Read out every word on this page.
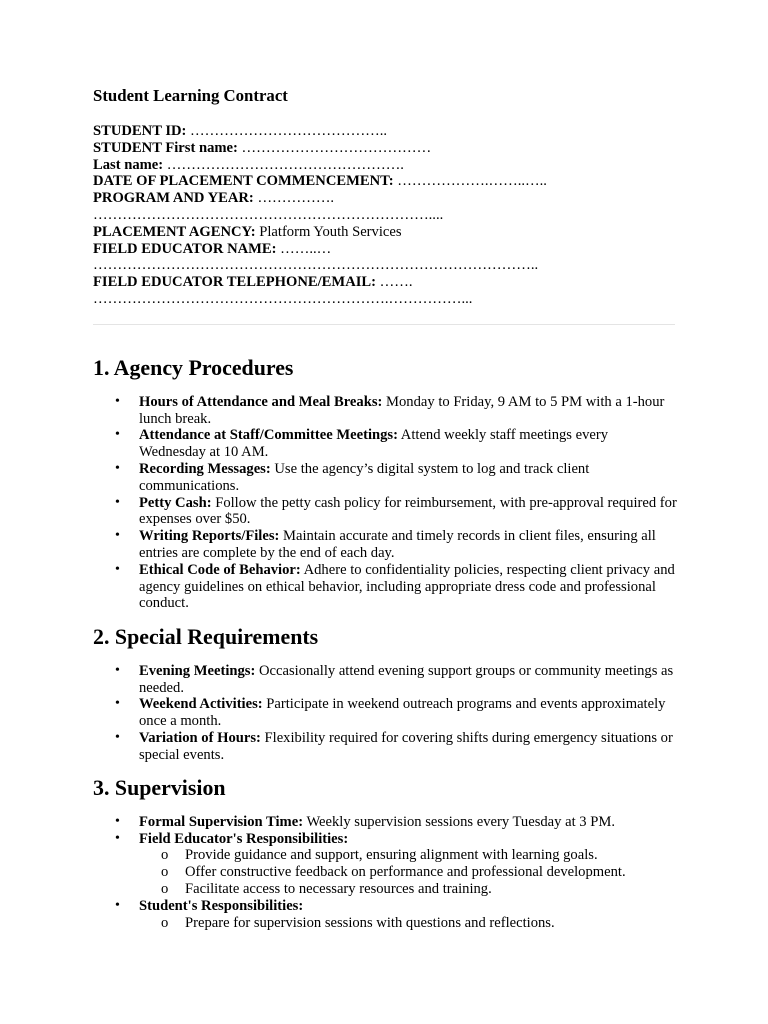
Student Learning Contract
STUDENT ID: …………………………………..
STUDENT First name: …………………………………
Last name: ………………………………………….
DATE OF PLACEMENT COMMENCEMENT: ……………….……..…..
PROGRAM AND YEAR: …………….
……………………………………………………………....
PLACEMENT AGENCY: Platform Youth Services
FIELD EDUCATOR NAME: ……..…
………………………………………………………………………………..
FIELD EDUCATOR TELEPHONE/EMAIL: …….
…………………………………………………….……………...
1. Agency Procedures
• Hours of Attendance and Meal Breaks: Monday to Friday, 9 AM to 5 PM with a 1-hour lunch break.
• Attendance at Staff/Committee Meetings: Attend weekly staff meetings every Wednesday at 10 AM.
• Recording Messages: Use the agency’s digital system to log and track client communications.
• Petty Cash: Follow the petty cash policy for reimbursement, with pre-approval required for expenses over $50.
• Writing Reports/Files: Maintain accurate and timely records in client files, ensuring all entries are complete by the end of each day.
• Ethical Code of Behavior: Adhere to confidentiality policies, respecting client privacy and agency guidelines on ethical behavior, including appropriate dress code and professional conduct.
2. Special Requirements
• Evening Meetings: Occasionally attend evening support groups or community meetings as needed.
• Weekend Activities: Participate in weekend outreach programs and events approximately once a month.
• Variation of Hours: Flexibility required for covering shifts during emergency situations or special events.
3. Supervision
• Formal Supervision Time: Weekly supervision sessions every Tuesday at 3 PM.
• Field Educator's Responsibilities:
o Provide guidance and support, ensuring alignment with learning goals.
o Offer constructive feedback on performance and professional development.
o Facilitate access to necessary resources and training.
• Student's Responsibilities:
o Prepare for supervision sessions with questions and reflections.
